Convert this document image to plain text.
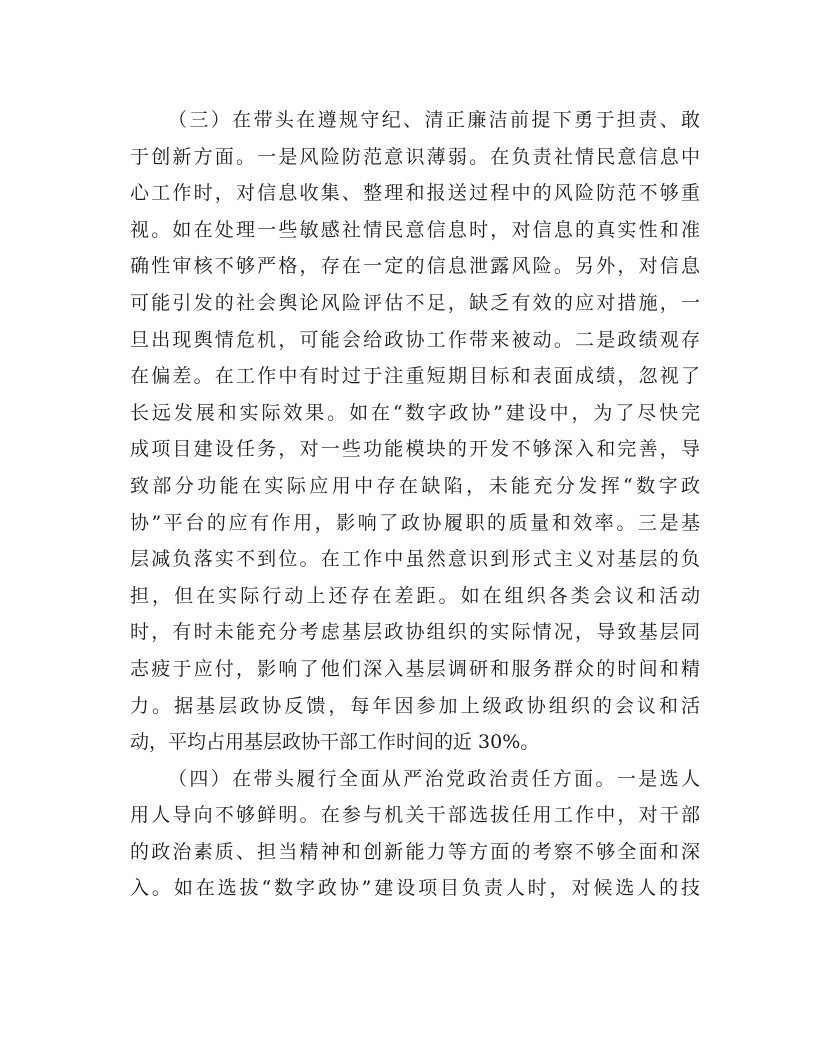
（三）在带头在遵规守纪、清正廉洁前提下勇于担责、敢
于创新方面。一是风险防范意识薄弱。在负责社情民意信息中
心工作时，对信息收集、整理和报送过程中的风险防范不够重
视。如在处理一些敏感社情民意信息时，对信息的真实性和准
确性审核不够严格，存在一定的信息泄露风险。另外，对信息
可能引发的社会舆论风险评估不足，缺乏有效的应对措施，一
旦出现舆情危机，可能会给政协工作带来被动。二是政绩观存
在偏差。在工作中有时过于注重短期目标和表面成绩，忽视了
长远发展和实际效果。如在“数字政协”建设中，为了尽快完
成项目建设任务，对一些功能模块的开发不够深入和完善，导
致部分功能在实际应用中存在缺陷，未能充分发挥“数字政
协”平台的应有作用，影响了政协履职的质量和效率。三是基
层减负落实不到位。在工作中虽然意识到形式主义对基层的负
担，但在实际行动上还存在差距。如在组织各类会议和活动
时，有时未能充分考虑基层政协组织的实际情况，导致基层同
志疲于应付，影响了他们深入基层调研和服务群众的时间和精
力。据基层政协反馈，每年因参加上级政协组织的会议和活
动，平均占用基层政协干部工作时间的近 30%。
（四）在带头履行全面从严治党政治责任方面。一是选人
用人导向不够鲜明。在参与机关干部选拔任用工作中，对干部
的政治素质、担当精神和创新能力等方面的考察不够全面和深
入。如在选拔“数字政协”建设项目负责人时，对候选人的技
